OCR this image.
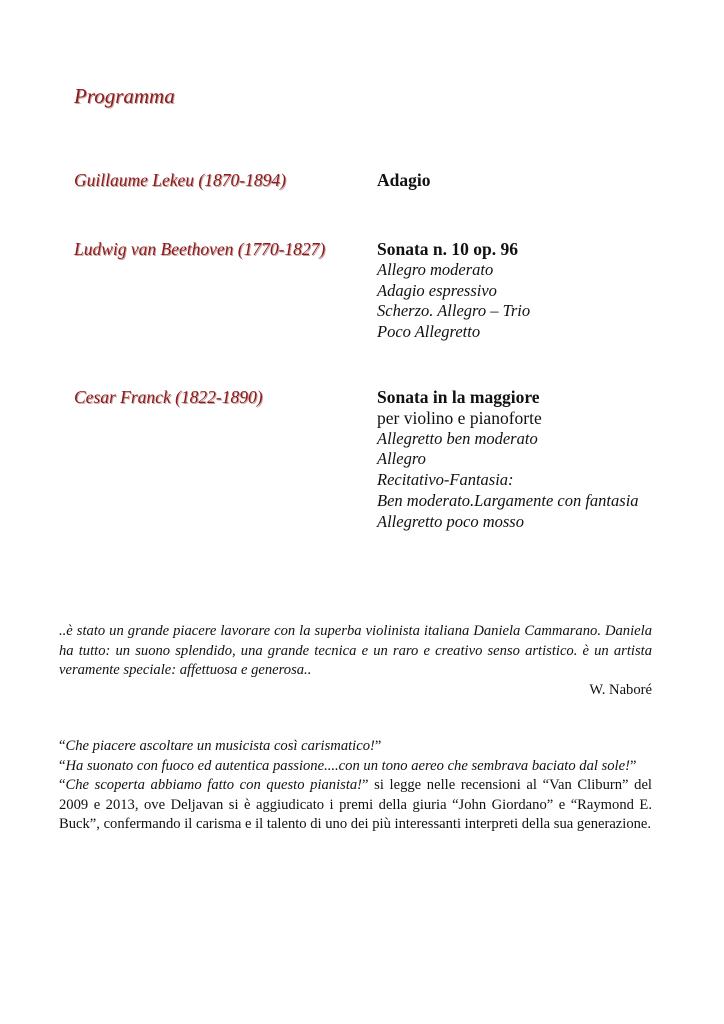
Programma
Guillaume Lekeu (1870-1894)	Adagio
Ludwig van Beethoven (1770-1827)	Sonata n. 10 op. 96
Allegro moderato
Adagio espressivo
Scherzo. Allegro – Trio
Poco Allegretto
Cesar Franck (1822-1890)	Sonata in la maggiore
per violino e pianoforte
Allegretto ben moderato
Allegro
Recitativo-Fantasia:
Ben moderato.Largamente con fantasia
Allegretto poco mosso
..è stato un grande piacere lavorare con la superba violinista italiana Daniela Cammarano. Daniela ha tutto: un suono splendido, una grande tecnica e un raro e creativo senso artistico. è un artista veramente speciale: affettuosa e generosa..
W. Naboré
“Che piacere ascoltare un musicista così carismatico!”
“Ha suonato con fuoco ed autentica passione....con un tono aereo che sembrava baciato dal sole!”
“Che scoperta abbiamo fatto con questo pianista!” si legge nelle recensioni al “Van Cliburn” del 2009 e 2013, ove Deljavan si è aggiudicato i premi della giuria “John Giordano” e “Raymond E. Buck”, confermando il carisma e il talento di uno dei più interessanti interpreti della sua generazione.
